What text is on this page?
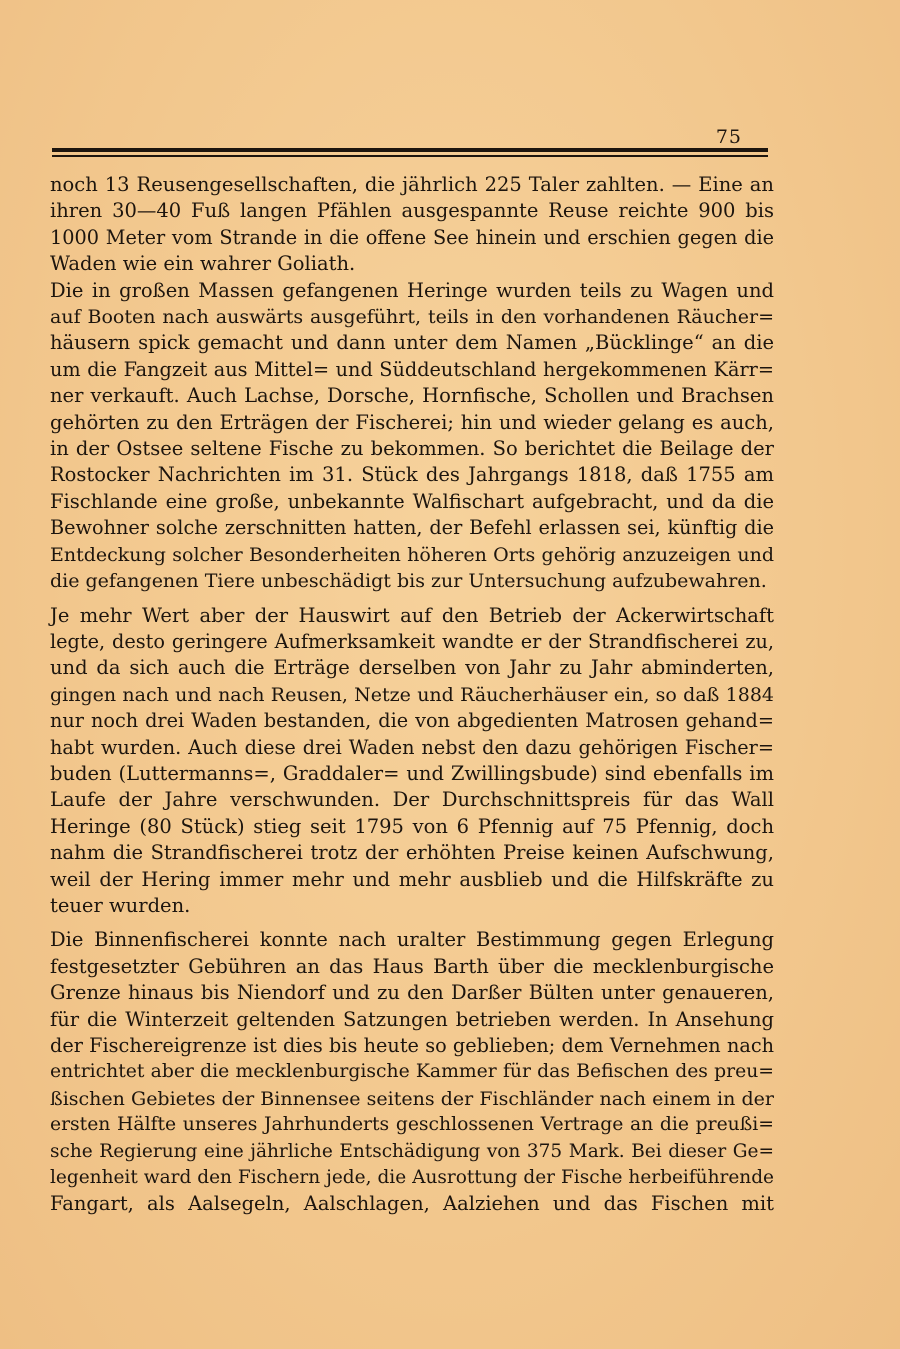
75

noch 13 Reusengesellschaften, die jährlich 225 Taler zahlten. — Eine an
ihren 30—40 Fuß langen Pfählen ausgespannte Reuse reichte 900 bis
1000 Meter vom Strande in die offene See hinein und erschien gegen die
Waden wie ein wahrer Goliath.

Die in großen Massen gefangenen Heringe wurden teils zu Wagen und
auf Booten nach auswärts ausgeführt, teils in den vorhandenen Räucher=
häusern spick gemacht und dann unter dem Namen „Bücklinge“ an die
um die Fangzeit aus Mittel= und Süddeutschland hergekommenen Kärr=
ner verkauft. Auch Lachse, Dorsche, Hornfische, Schollen und Brachsen
gehörten zu den Erträgen der Fischerei; hin und wieder gelang es auch,
in der Ostsee seltene Fische zu bekommen. So berichtet die Beilage der
Rostocker Nachrichten im 31. Stück des Jahrgangs 1818, daß 1755 am
Fischlande eine große, unbekannte Walfischart aufgebracht, und da die
Bewohner solche zerschnitten hatten, der Befehl erlassen sei, künftig die
Entdeckung solcher Besonderheiten höheren Orts gehörig anzuzeigen und
die gefangenen Tiere unbeschädigt bis zur Untersuchung aufzubewahren.

Je mehr Wert aber der Hauswirt auf den Betrieb der Ackerwirtschaft
legte, desto geringere Aufmerksamkeit wandte er der Strandfischerei zu,
und da sich auch die Erträge derselben von Jahr zu Jahr abminderten,
gingen nach und nach Reusen, Netze und Räucherhäuser ein, so daß 1884
nur noch drei Waden bestanden, die von abgedienten Matrosen gehand=
habt wurden. Auch diese drei Waden nebst den dazu gehörigen Fischer=
buden (Luttermanns=, Graddaler= und Zwillingsbude) sind ebenfalls im
Laufe der Jahre verschwunden. Der Durchschnittspreis für das Wall
Heringe (80 Stück) stieg seit 1795 von 6 Pfennig auf 75 Pfennig, doch
nahm die Strandfischerei trotz der erhöhten Preise keinen Aufschwung,
weil der Hering immer mehr und mehr ausblieb und die Hilfskräfte zu
teuer wurden.

Die Binnenfischerei konnte nach uralter Bestimmung gegen Erlegung
festgesetzter Gebühren an das Haus Barth über die mecklenburgische
Grenze hinaus bis Niendorf und zu den Darßer Bülten unter genaueren,
für die Winterzeit geltenden Satzungen betrieben werden. In Ansehung
der Fischereigrenze ist dies bis heute so geblieben; dem Vernehmen nach
entrichtet aber die mecklenburgische Kammer für das Befischen des preu=
ßischen Gebietes der Binnensee seitens der Fischländer nach einem in der
ersten Hälfte unseres Jahrhunderts geschlossenen Vertrage an die preußi=
sche Regierung eine jährliche Entschädigung von 375 Mark. Bei dieser Ge=
legenheit ward den Fischern jede, die Ausrottung der Fische herbeiführende
Fangart, als Aalsegeln, Aalschlagen, Aalziehen und das Fischen mit
